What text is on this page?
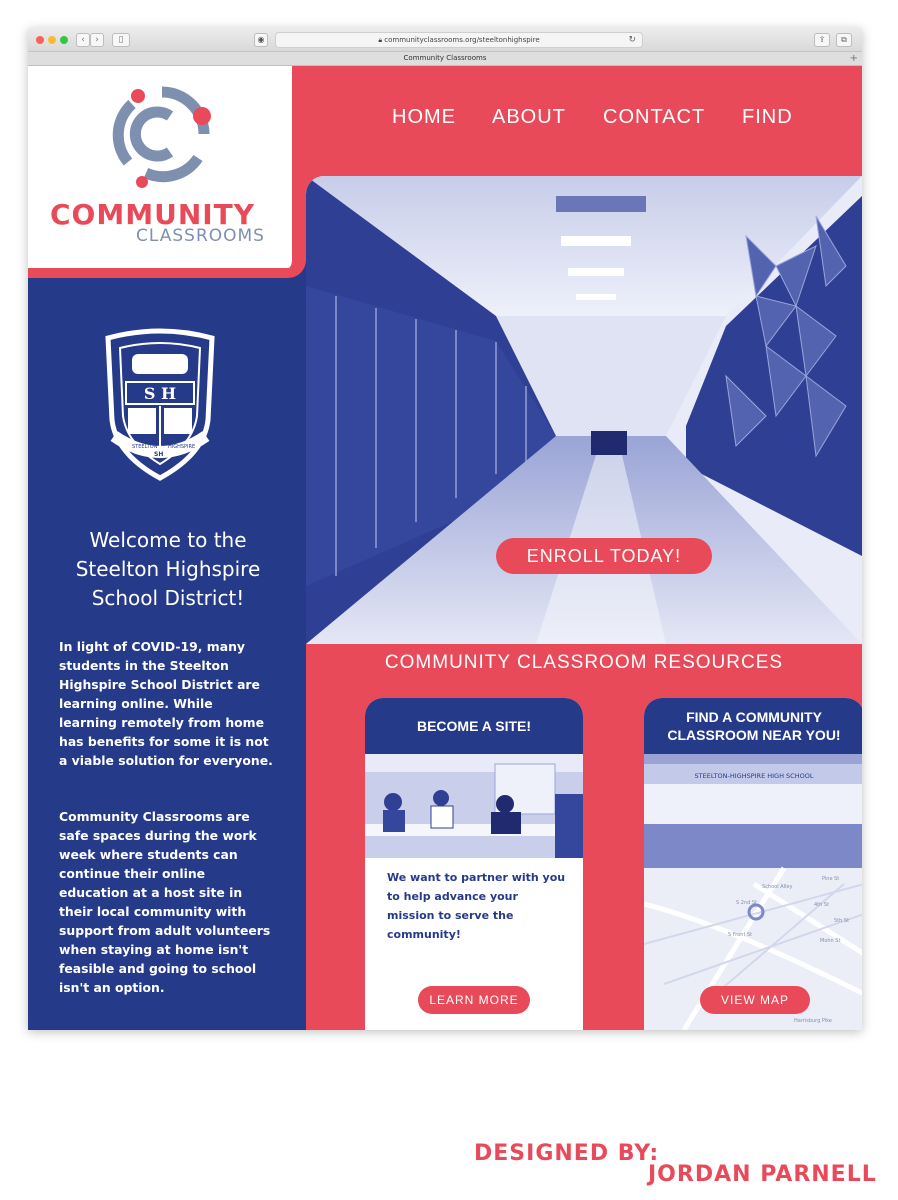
‹	›	▯	◉	🔒︎ communityclassrooms.org/steeltonhighspire	↻	⇪	⧉
Community Classrooms	+
COMMUNITY
CLASSROOMS
HOME ABOUT CONTACT FIND
ENROLL TODAY!
S H
STEELTON
SH
HIGHSPIRE
Welcome to the Steelton Highspire School District!
In light of COVID-19, many students in the Steelton Highspire School District are learning online. While learning remotely from home has benefits for some it is not a viable solution for everyone.
Community Classrooms are safe spaces during the work week where students can continue their online education at a host site in their local community with support from adult volunteers when staying at home isn't feasible and going to school isn't an option.
COMMUNITY CLASSROOM RESOURCES
BECOME A SITE!
We want to partner with you to help advance your mission to serve the community!
LEARN MORE
FIND A COMMUNITY CLASSROOM NEAR YOU!
STEELTON-HIGHSPIRE HIGH SCHOOL
School Alley
Pine St
4th St
5th St
Mohn St
S 2nd St
S Front St
Harrisburg Pike
VIEW MAP
DESIGNED BY:
JORDAN PARNELL
